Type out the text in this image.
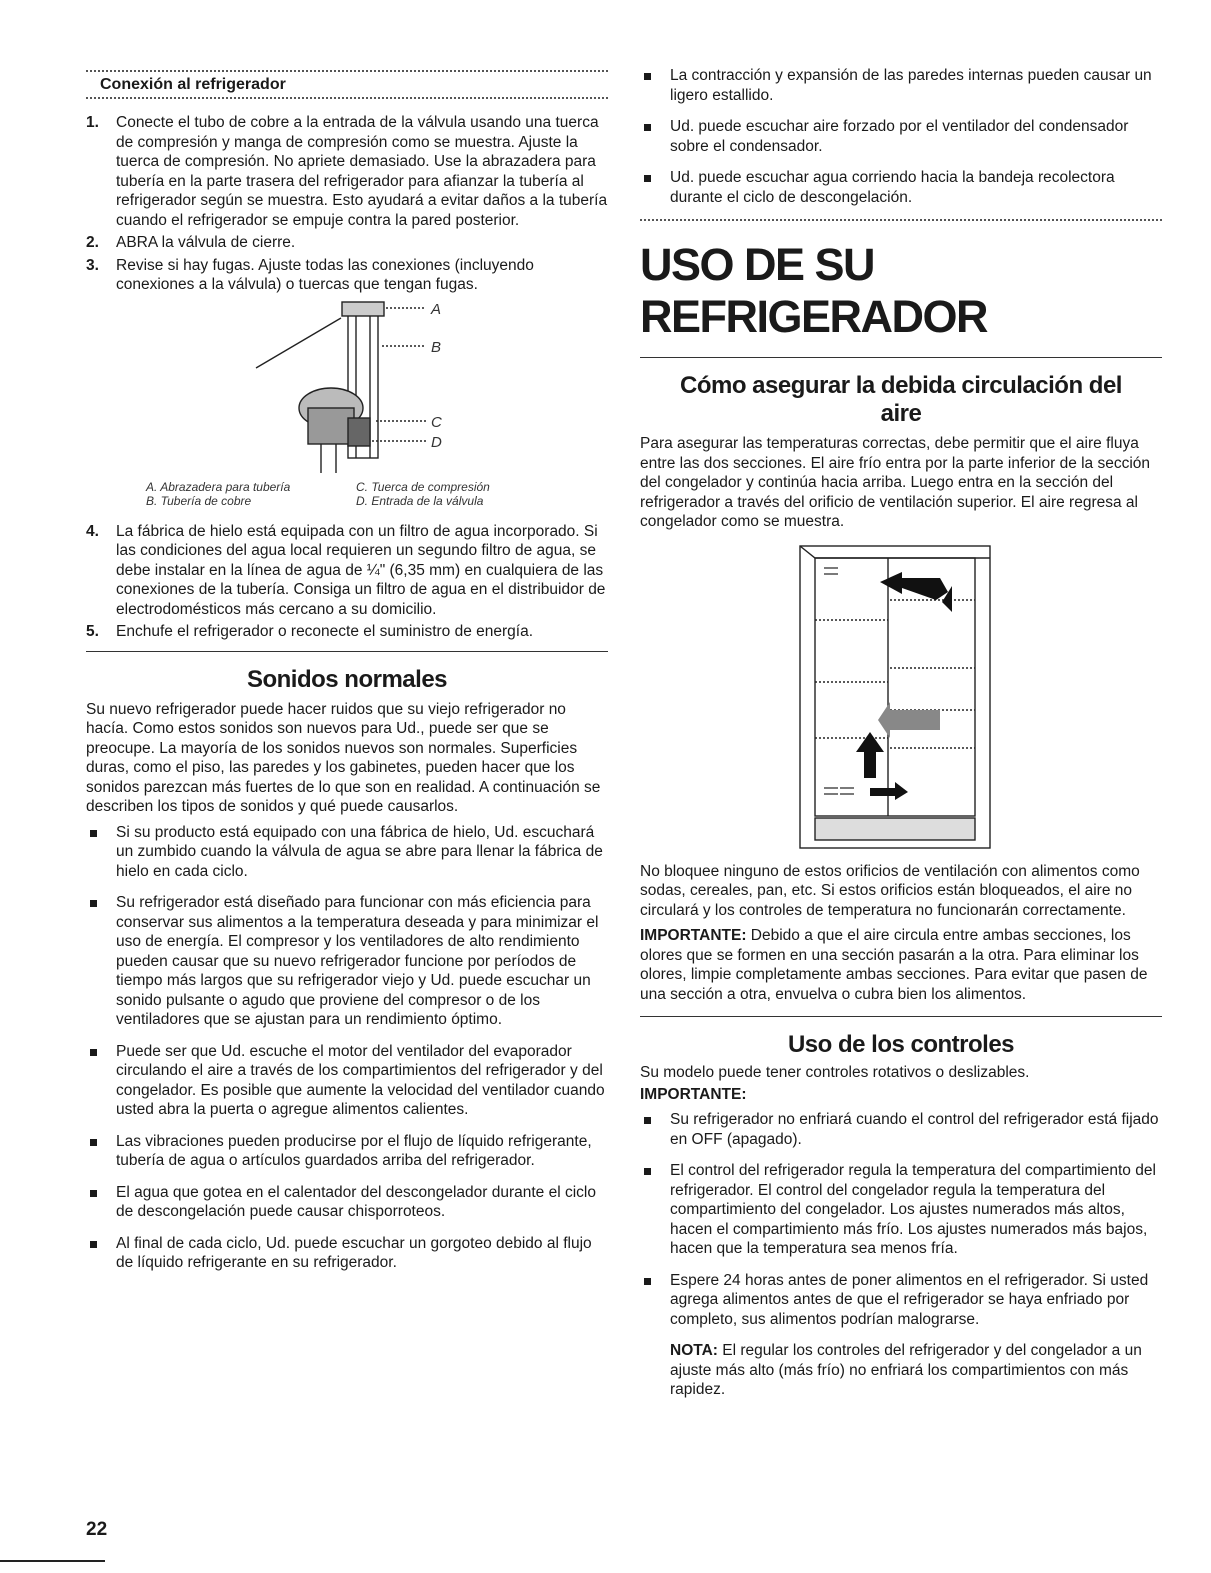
Conexión al refrigerador
1. Conecte el tubo de cobre a la entrada de la válvula usando una tuerca de compresión y manga de compresión como se muestra. Ajuste la tuerca de compresión. No apriete demasiado. Use la abrazadera para tubería en la parte trasera del refrigerador para afianzar la tubería al refrigerador según se muestra. Esto ayudará a evitar daños a la tubería cuando el refrigerador se empuje contra la pared posterior.
2. ABRA la válvula de cierre.
3. Revise si hay fugas. Ajuste todas las conexiones (incluyendo conexiones a la válvula) o tuercas que tengan fugas.
A
B
C
D
A. Abrazadera para tubería
B. Tubería de cobre
C. Tuerca de compresión
D. Entrada de la válvula
4. La fábrica de hielo está equipada con un filtro de agua incorporado. Si las condiciones del agua local requieren un segundo filtro de agua, se debe instalar en la línea de agua de ¼" (6,35 mm) en cualquiera de las conexiones de la tubería. Consiga un filtro de agua en el distribuidor de electrodomésticos más cercano a su domicilio.
5. Enchufe el refrigerador o reconecte el suministro de energía.
Sonidos normales

Su nuevo refrigerador puede hacer ruidos que su viejo refrigerador no hacía. Como estos sonidos son nuevos para Ud., puede ser que se preocupe. La mayoría de los sonidos nuevos son normales. Superficies duras, como el piso, las paredes y los gabinetes, pueden hacer que los sonidos parezcan más fuertes de lo que son en realidad. A continuación se describen los tipos de sonidos y qué puede causarlos.

Si su producto está equipado con una fábrica de hielo, Ud. escuchará un zumbido cuando la válvula de agua se abre para llenar la fábrica de hielo en cada ciclo.
Su refrigerador está diseñado para funcionar con más eficiencia para conservar sus alimentos a la temperatura deseada y para minimizar el uso de energía. El compresor y los ventiladores de alto rendimiento pueden causar que su nuevo refrigerador funcione por períodos de tiempo más largos que su refrigerador viejo y Ud. puede escuchar un sonido pulsante o agudo que proviene del compresor o de los ventiladores que se ajustan para un rendimiento óptimo.
Puede ser que Ud. escuche el motor del ventilador del evaporador circulando el aire a través de los compartimientos del refrigerador y del congelador. Es posible que aumente la velocidad del ventilador cuando usted abra la puerta o agregue alimentos calientes.
Las vibraciones pueden producirse por el flujo de líquido refrigerante, tubería de agua o artículos guardados arriba del refrigerador.
El agua que gotea en el calentador del descongelador durante el ciclo de descongelación puede causar chisporroteos.
Al final de cada ciclo, Ud. puede escuchar un gorgoteo debido al flujo de líquido refrigerante en su refrigerador.
La contracción y expansión de las paredes internas pueden causar un ligero estallido.
Ud. puede escuchar aire forzado por el ventilador del condensador sobre el condensador.
Ud. puede escuchar agua corriendo hacia la bandeja recolectora durante el ciclo de descongelación.
USO DE SU REFRIGERADOR
Cómo asegurar la debida circulación del aire

Para asegurar las temperaturas correctas, debe permitir que el aire fluya entre las dos secciones. El aire frío entra por la parte inferior de la sección del congelador y continúa hacia arriba. Luego entra en la sección del refrigerador a través del orificio de ventilación superior. El aire regresa al congelador como se muestra.

No bloquee ninguno de estos orificios de ventilación con alimentos como sodas, cereales, pan, etc. Si estos orificios están bloqueados, el aire no circulará y los controles de temperatura no funcionarán correctamente.

IMPORTANTE: Debido a que el aire circula entre ambas secciones, los olores que se formen en una sección pasarán a la otra. Para eliminar los olores, limpie completamente ambas secciones. Para evitar que pasen de una sección a otra, envuelva o cubra bien los alimentos.

Uso de los controles

Su modelo puede tener controles rotativos o deslizables.

IMPORTANTE:

Su refrigerador no enfriará cuando el control del refrigerador está fijado en OFF (apagado).
El control del refrigerador regula la temperatura del compartimiento del refrigerador. El control del congelador regula la temperatura del compartimiento del congelador. Los ajustes numerados más altos, hacen el compartimiento más frío. Los ajustes numerados más bajos, hacen que la temperatura sea menos fría.
Espere 24 horas antes de poner alimentos en el refrigerador. Si usted agrega alimentos antes de que el refrigerador se haya enfriado por completo, sus alimentos podrían malograrse.

NOTA: El regular los controles del refrigerador y del congelador a un ajuste más alto (más frío) no enfriará los compartimientos con más rapidez.

22
